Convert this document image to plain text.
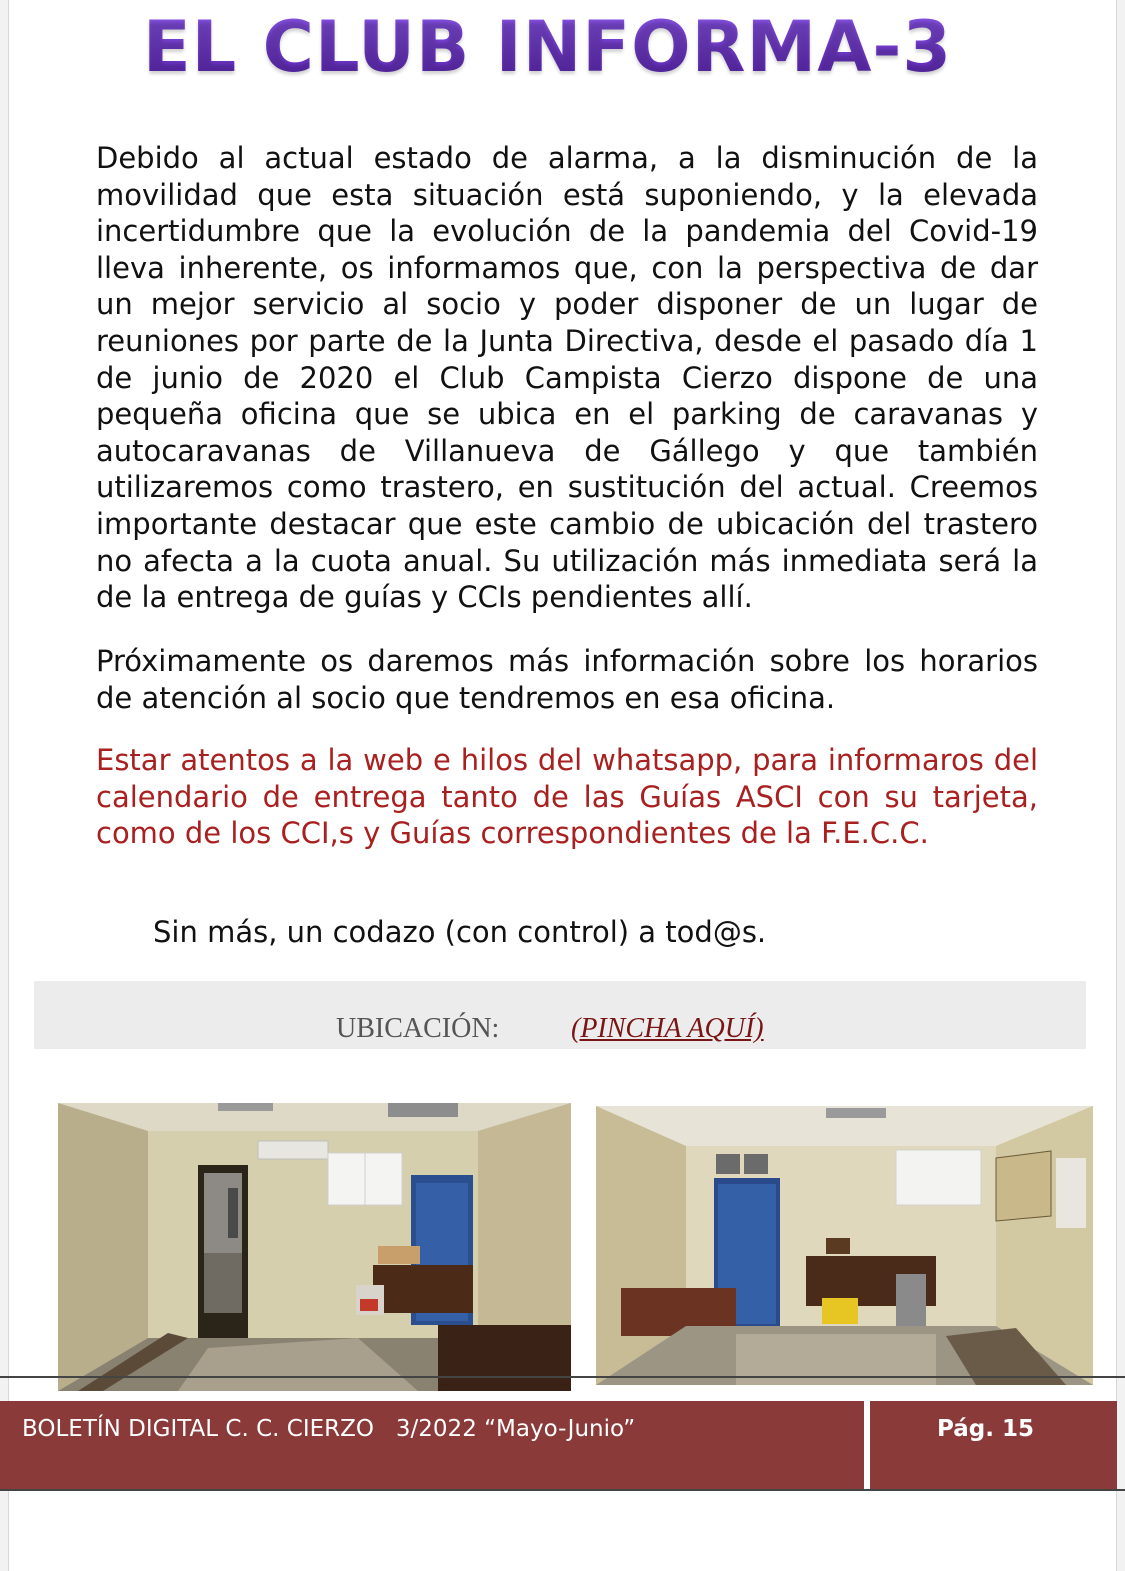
EL CLUB INFORMA-3

Debido al actual estado de alarma, a la disminución de la movilidad que esta situación está suponiendo, y la elevada incertidumbre que la evolución de la pandemia del Covid-19 lleva inherente, os informamos que, con la perspectiva de dar un mejor servicio al socio y poder disponer de un lugar de reuniones por parte de la Junta Directiva, desde el pasado día 1 de junio de 2020 el Club Campista Cierzo dispone de una pequeña oficina que se ubica en el parking de caravanas y autocaravanas de Villanueva de Gállego y que también utilizaremos como trastero, en sustitución del actual. Creemos importante destacar que este cambio de ubicación del trastero no afecta a la cuota anual. Su utilización más inmediata será la de la entrega de guías y CCIs pendientes allí.

Próximamente os daremos más información sobre los horarios de atención al socio que tendremos en esa oficina.

Estar atentos a la web e hilos del whatsapp, para informaros del calendario de entrega tanto de las Guías ASCI con su tarjeta, como de los CCI,s y Guías correspondientes de la F.E.C.C.

Sin más, un codazo (con control) a tod@s.

UBICACIÓN:	(PINCHA AQUÍ)
BOLETÍN DIGITAL C. C. CIERZO   3/2022 “Mayo-Junio”	Pág. 15
